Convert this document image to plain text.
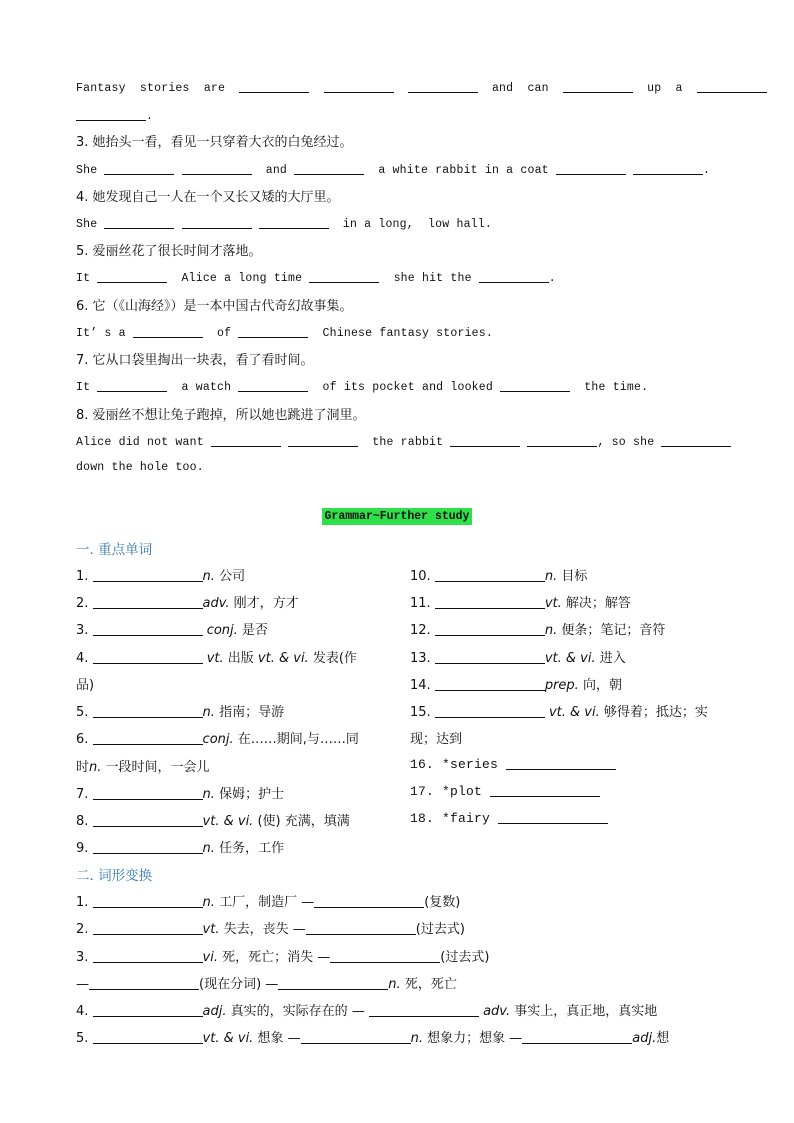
Fantasy  stories  are	and  can	up  a
.
3. 她抬头一看，看见一只穿着大衣的白兔经过。
She	and	a white rabbit in a coat	.
4. 她发现自己一人在一个又长又矮的大厅里。
She	in a long,  low hall.
5. 爱丽丝花了很长时间才落地。
It	Alice a long time	she hit the	.
6. 它（《山海经》）是一本中国古代奇幻故事集。
It’ s a	of	Chinese fantasy stories.
7. 它从口袋里掏出一块表，看了看时间。
It	a watch	of its pocket and looked	the time.
8. 爱丽丝不想让兔子跑掉，所以她也跳进了洞里。
Alice did not want	the rabbit	, so she
down the hole too.
Grammar~Further study
一. 重点单词
1.	n. 公司
2.	adv. 刚才，方才
3.	conj. 是否
4.	vt. 出版 vt. & vi. 发表(作
品)
5.	n. 指南；导游
6.	conj. 在……期间,与……同
时n. 一段时间，一会儿
7.	n. 保姆；护士
8.	vt. & vi. (使) 充满，填满
9.	n. 任务，工作
10.	n. 目标
11.	vt. 解决；解答
12.	n. 便条；笔记；音符
13.	vt. & vi. 进入
14.	prep. 向，朝
15.	vt. & vi. 够得着；抵达；实
现；达到
16. *series
17. *plot
18. *fairy
二. 词形变换
1.	n. 工厂，制造厂 —	(复数)
2.	vt. 失去，丧失 —	(过去式)
3.	vi. 死，死亡；消失 —	(过去式)
—	(现在分词) —	n. 死，死亡
4.	adj. 真实的，实际存在的 —	adv. 事实上，真正地，真实地
5.	vt. & vi. 想象 —	n. 想象力；想象 —	adj.想
